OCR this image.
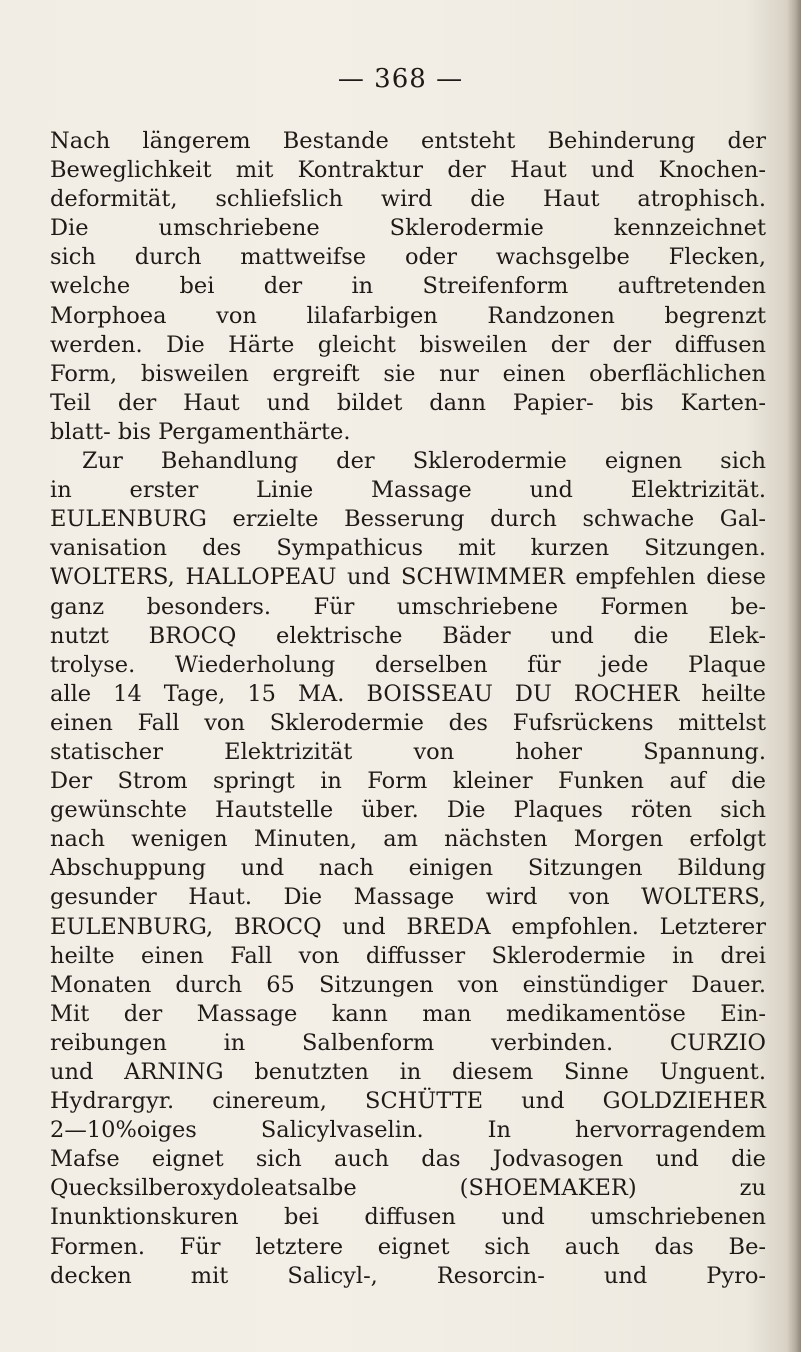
— 368 —
Nach längerem Bestande entsteht Behinderung der
Beweglichkeit mit Kontraktur der Haut und Knochen-
deformität, schliefslich wird die Haut atrophisch.
Die umschriebene Sklerodermie kennzeichnet
sich durch mattweifse oder wachsgelbe Flecken,
welche bei der in Streifenform auftretenden
Morphoea von lilafarbigen Randzonen begrenzt
werden. Die Härte gleicht bisweilen der der diffusen
Form, bisweilen ergreift sie nur einen oberflächlichen
Teil der Haut und bildet dann Papier- bis Karten-
blatt- bis Pergamenthärte.
Zur Behandlung der Sklerodermie eignen sich
in erster Linie Massage und Elektrizität.
EULENBURG erzielte Besserung durch schwache Gal-
vanisation des Sympathicus mit kurzen Sitzungen.
WOLTERS, HALLOPEAU und SCHWIMMER empfehlen diese
ganz besonders. Für umschriebene Formen be-
nutzt BROCQ elektrische Bäder und die Elek-
trolyse. Wiederholung derselben für jede Plaque
alle 14 Tage, 15 MA. BOISSEAU DU ROCHER heilte
einen Fall von Sklerodermie des Fufsrückens mittelst
statischer Elektrizität von hoher Spannung.
Der Strom springt in Form kleiner Funken auf die
gewünschte Hautstelle über. Die Plaques röten sich
nach wenigen Minuten, am nächsten Morgen erfolgt
Abschuppung und nach einigen Sitzungen Bildung
gesunder Haut. Die Massage wird von WOLTERS,
EULENBURG, BROCQ und BREDA empfohlen. Letzterer
heilte einen Fall von diffusser Sklerodermie in drei
Monaten durch 65 Sitzungen von einstündiger Dauer.
Mit der Massage kann man medikamentöse Ein-
reibungen in Salbenform verbinden. CURZIO
und ARNING benutzten in diesem Sinne Unguent.
Hydrargyr. cinereum, SCHÜTTE und GOLDZIEHER
2—10%oiges Salicylvaselin. In hervorragendem
Mafse eignet sich auch das Jodvasogen und die
Quecksilberoxydoleatsalbe (SHOEMAKER) zu
Inunktionskuren bei diffusen und umschriebenen
Formen. Für letztere eignet sich auch das Be-
decken mit Salicyl-, Resorcin- und Pyro-
